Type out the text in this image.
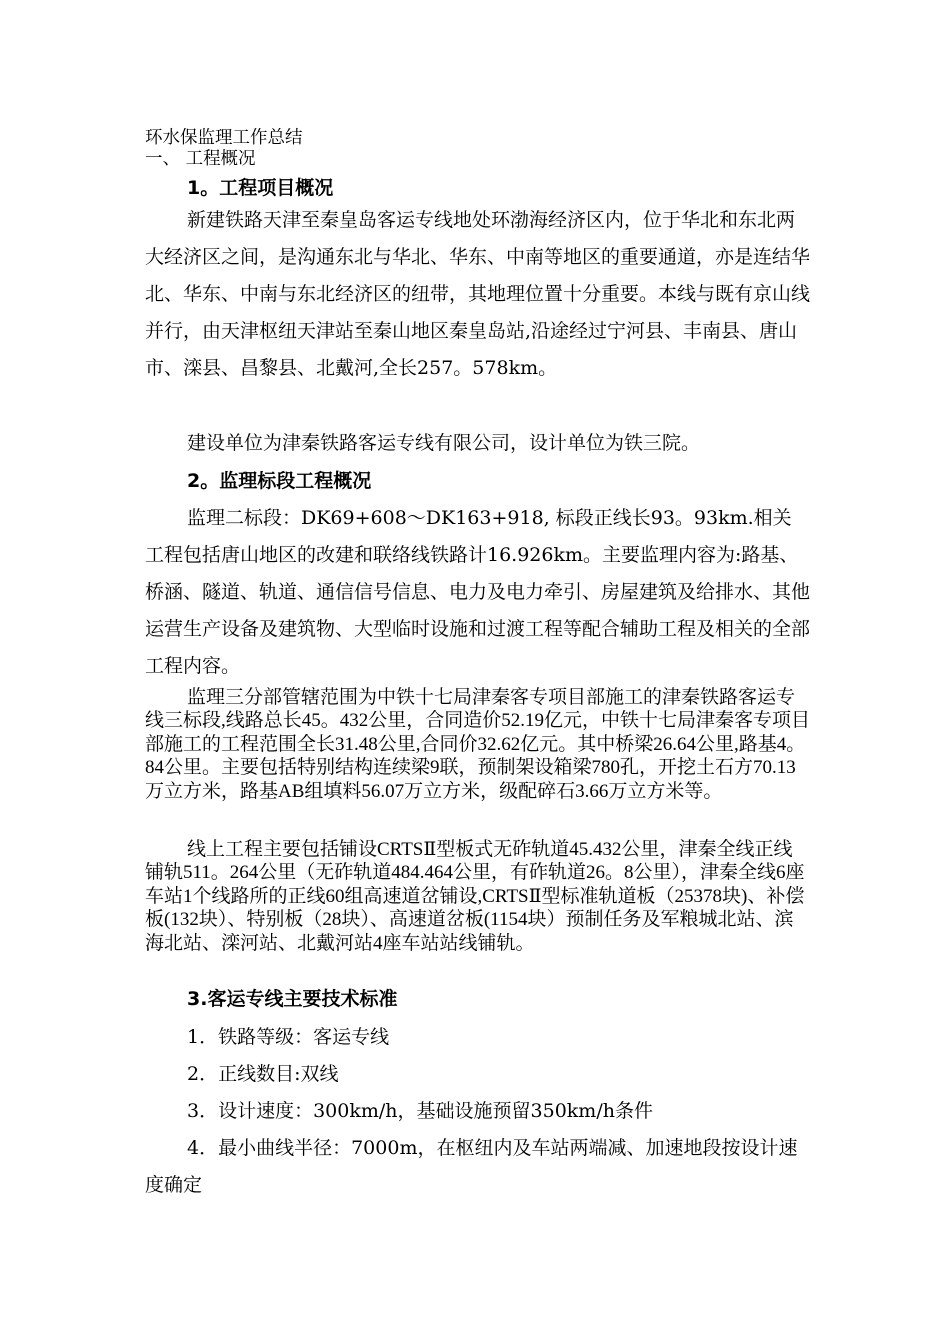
环水保监理工作总结
一、 工程概况
1。工程项目概况

新建铁路天津至秦皇岛客运专线地处环渤海经济区内，位于华北和东北两大经济区之间，是沟通东北与华北、华东、中南等地区的重要通道，亦是连结华北、华东、中南与东北经济区的纽带，其地理位置十分重要。本线与既有京山线并行，由天津枢纽天津站至秦山地区秦皇岛站,沿途经过宁河县、丰南县、唐山市、滦县、昌黎县、北戴河,全长257。578km。

建设单位为津秦铁路客运专线有限公司，设计单位为铁三院。

2。监理标段工程概况

监理二标段：DK69+608～DK163+918, 标段正线长93。93km.相关工程包括唐山地区的改建和联络线铁路计16.926km。主要监理内容为:路基、桥涵、隧道、轨道、通信信号信息、电力及电力牵引、房屋建筑及给排水、其他运营生产设备及建筑物、大型临时设施和过渡工程等配合辅助工程及相关的全部工程内容。

监理三分部管辖范围为中铁十七局津秦客专项目部施工的津秦铁路客运专线三标段,线路总长45。432公里，合同造价52.19亿元，中铁十七局津秦客专项目部施工的工程范围全长31.48公里,合同价32.62亿元。其中桥梁26.64公里,路基4。84公里。主要包括特别结构连续梁9联，预制架设箱梁780孔，开挖土石方70.13万立方米，路基AB组填料56.07万立方米，级配碎石3.66万立方米等。

线上工程主要包括铺设CRTSⅡ型板式无砟轨道45.432公里，津秦全线正线铺轨511。264公里（无砟轨道484.464公里，有砟轨道26。8公里），津秦全线6座车站1个线路所的正线60组高速道岔铺设,CRTSⅡ型标准轨道板（25378块)、补偿板(132块）、特别板（28块）、高速道岔板(1154块）预制任务及军粮城北站、滨海北站、滦河站、北戴河站4座车站站线铺轨。

3.客运专线主要技术标准

1．铁路等级：客运专线

2．正线数目:双线

3．设计速度：300km/h，基础设施预留350km/h条件

4．最小曲线半径：7000m，在枢纽内及车站两端减、加速地段按设计速度确定
